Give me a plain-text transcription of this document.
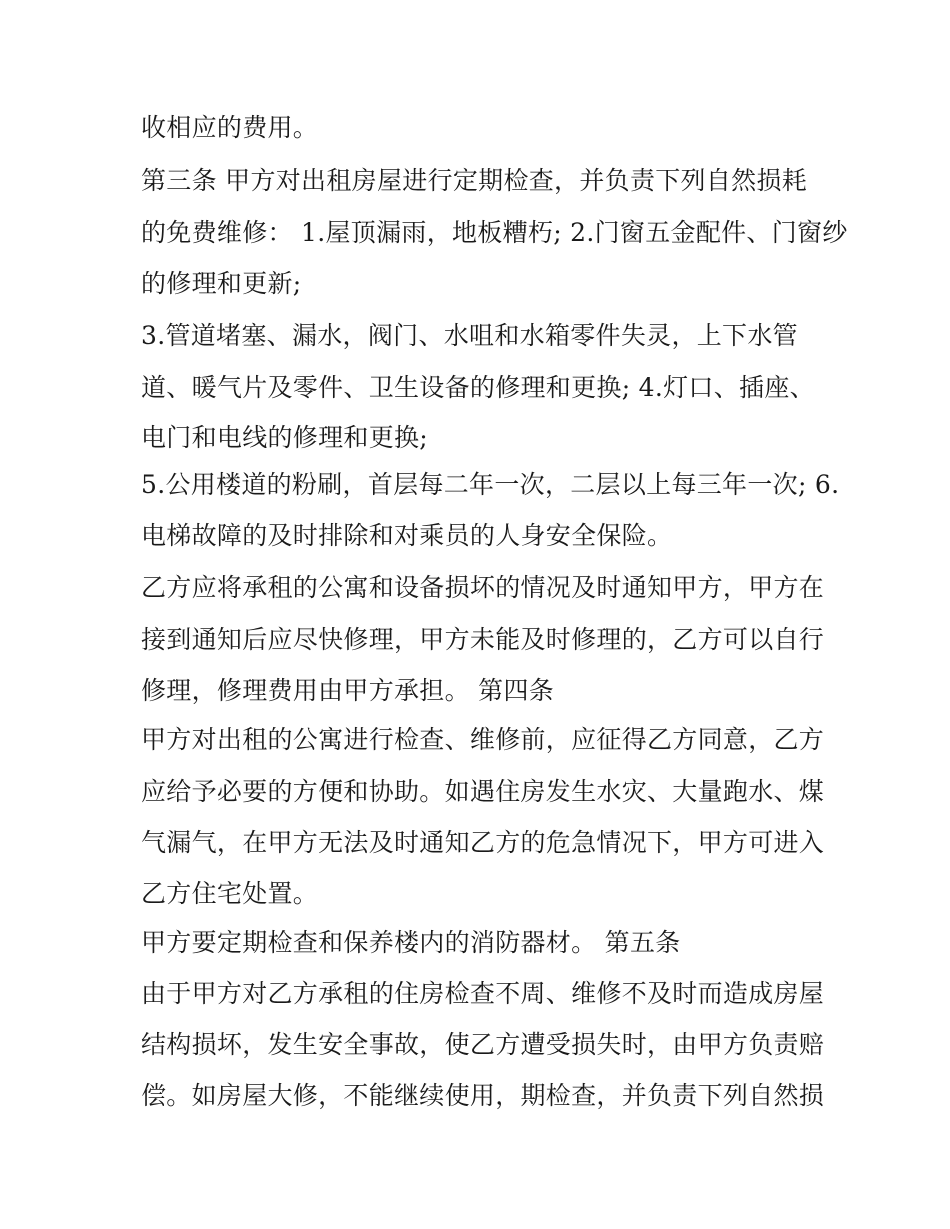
收相应的费用。
第三条 甲方对出租房屋进行定期检查，并负责下列自然损耗
的免费维修： 1.屋顶漏雨，地板糟朽; 2.门窗五金配件、门窗纱
的修理和更新;
3.管道堵塞、漏水，阀门、水咀和水箱零件失灵，上下水管
道、暖气片及零件、卫生设备的修理和更换; 4.灯口、插座、
电门和电线的修理和更换;
5.公用楼道的粉刷，首层每二年一次，二层以上每三年一次; 6.
电梯故障的及时排除和对乘员的人身安全保险。
乙方应将承租的公寓和设备损坏的情况及时通知甲方，甲方在
接到通知后应尽快修理，甲方未能及时修理的，乙方可以自行
修理，修理费用由甲方承担。 第四条
甲方对出租的公寓进行检查、维修前，应征得乙方同意，乙方
应给予必要的方便和协助。如遇住房发生水灾、大量跑水、煤
气漏气，在甲方无法及时通知乙方的危急情况下，甲方可进入
乙方住宅处置。
甲方要定期检查和保养楼内的消防器材。 第五条
由于甲方对乙方承租的住房检查不周、维修不及时而造成房屋
结构损坏，发生安全事故，使乙方遭受损失时，由甲方负责赔
偿。如房屋大修，不能继续使用，期检查，并负责下列自然损
